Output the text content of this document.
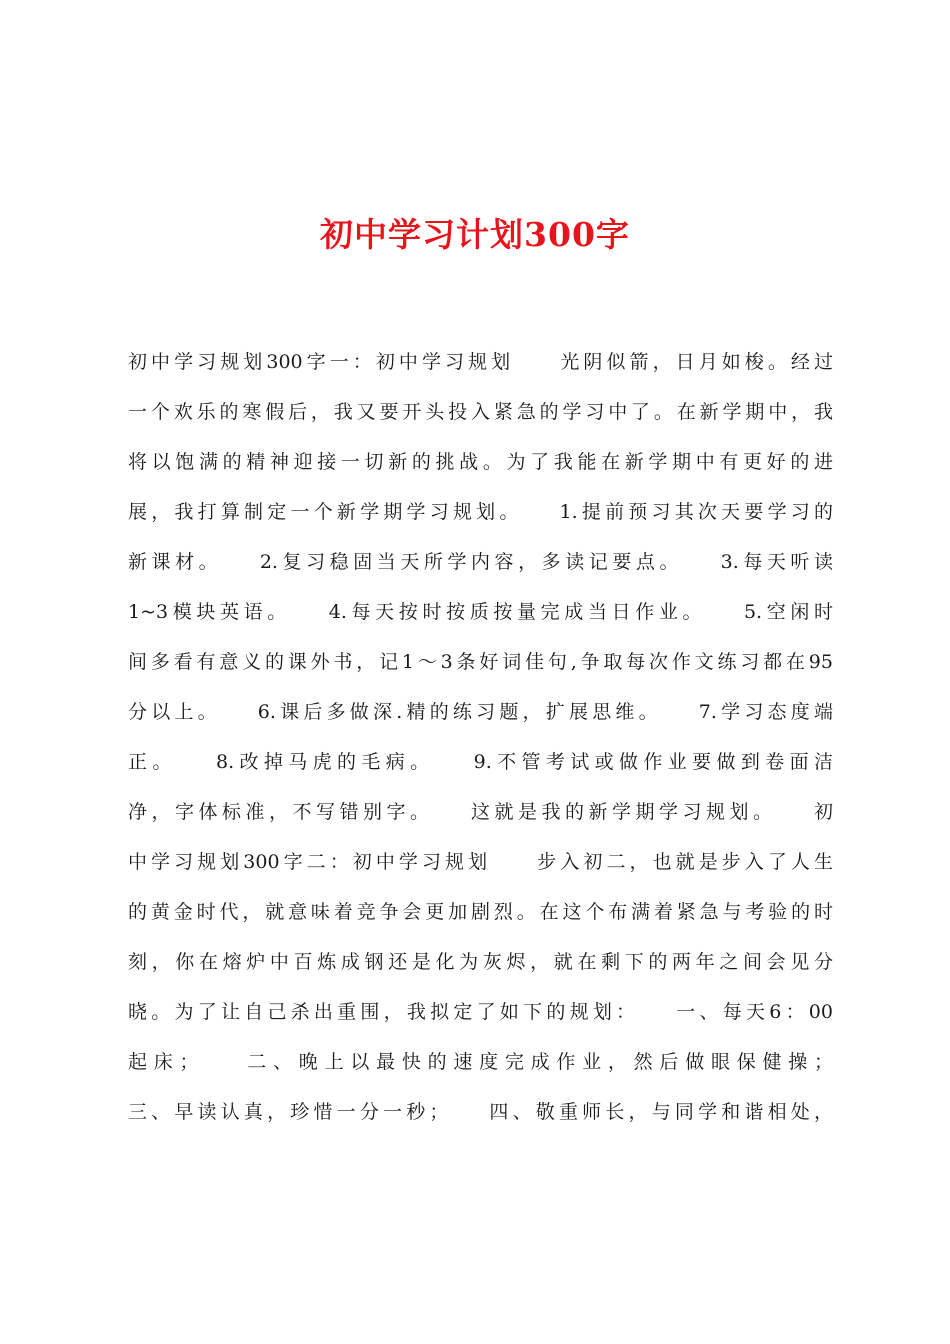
初中学习计划300字
初中学习规划300字一：初中学习规划　　光阴似箭，日月如梭。经过
一个欢乐的寒假后，我又要开头投入紧急的学习中了。在新学期中，我
将以饱满的精神迎接一切新的挑战。为了我能在新学期中有更好的进
展，我打算制定一个新学期学习规划。　　1.提前预习其次天要学习的
新课材。　　2.复习稳固当天所学内容，多读记要点。　　3.每天听读
1~3模块英语。　　4.每天按时按质按量完成当日作业。　　5.空闲时
间多看有意义的课外书，记1～3条好词佳句,争取每次作文练习都在95
分以上。　　6.课后多做深.精的练习题，扩展思维。　　7.学习态度端
正。　　8.改掉马虎的毛病。　　9.不管考试或做作业要做到卷面洁
净，字体标准，不写错别字。　　这就是我的新学期学习规划。　　初
中学习规划300字二：初中学习规划　　步入初二，也就是步入了人生
的黄金时代，就意味着竞争会更加剧烈。在这个布满着紧急与考验的时
刻，你在熔炉中百炼成钢还是化为灰烬，就在剩下的两年之间会见分
晓。为了让自己杀出重围，我拟定了如下的规划：　　一、每天6：00
起床；　　二、晚上以最快的速度完成作业，然后做眼保健操；
三、早读认真，珍惜一分一秒；　　四、敬重师长，与同学和谐相处，
